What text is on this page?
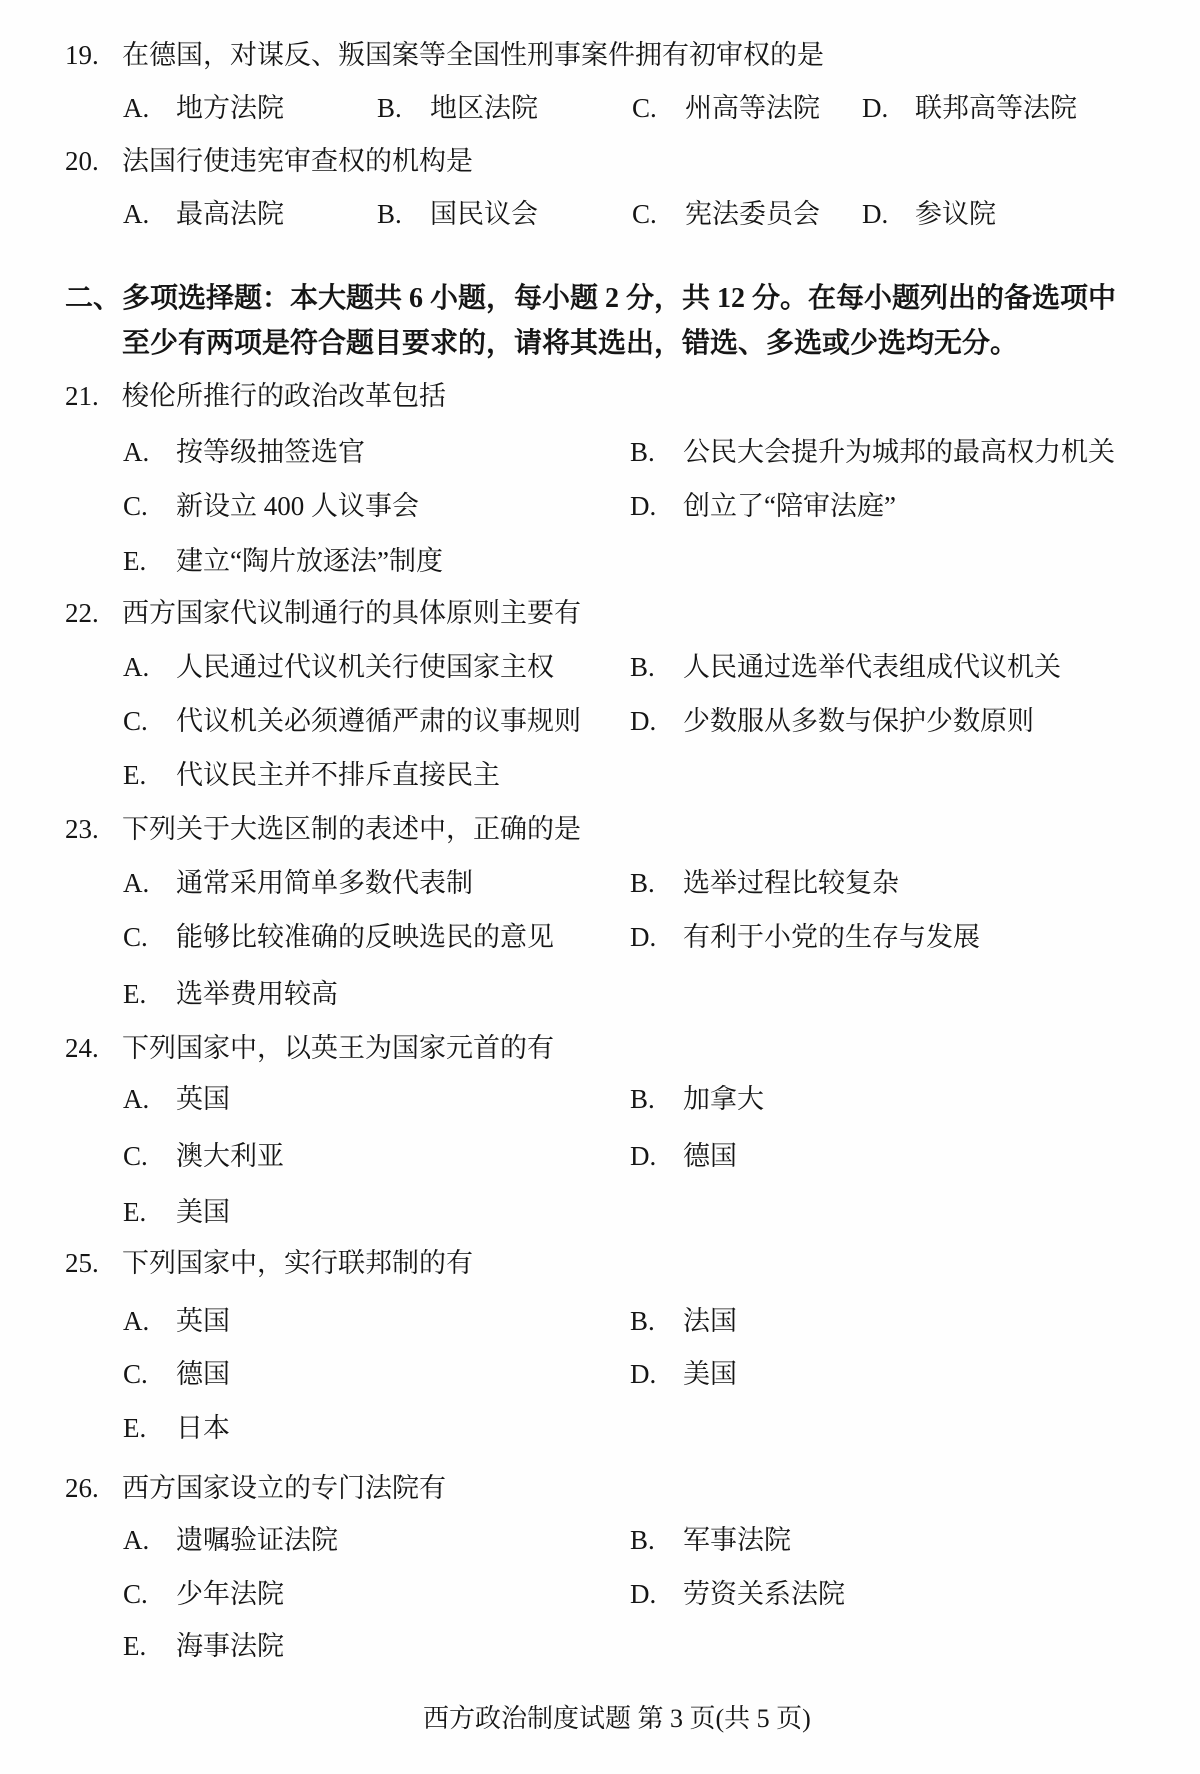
19. 在德国，对谋反、叛国案等全国性刑事案件拥有初审权的是
A. 地方法院	B. 地区法院	C. 州高等法院 D. 联邦高等法院
20. 法国行使违宪审查权的机构是
A. 最高法院	B. 国民议会	C. 宪法委员会 D. 参议院
二、 多项选择题：本大题共 6 小题，每小题 2 分，共 12 分。在每小题列出的备选项中
至少有两项是符合题目要求的，请将其选出，错选、多选或少选均无分。
21. 梭伦所推行的政治改革包括
A. 按等级抽签选官	B. 公民大会提升为城邦的最高权力机关
C. 新设立 400 人议事会	D. 创立了“陪审法庭”
E. 建立“陶片放逐法”制度
22. 西方国家代议制通行的具体原则主要有
A. 人民通过代议机关行使国家主权	B. 人民通过选举代表组成代议机关
C. 代议机关必须遵循严肃的议事规则 D. 少数服从多数与保护少数原则
E. 代议民主并不排斥直接民主
23. 下列关于大选区制的表述中，正确的是
A. 通常采用简单多数代表制	B. 选举过程比较复杂
C. 能够比较准确的反映选民的意见	D. 有利于小党的生存与发展
E. 选举费用较高
24. 下列国家中，以英王为国家元首的有
A. 英国	B. 加拿大
C. 澳大利亚	D. 德国
E. 美国
25. 下列国家中，实行联邦制的有
A. 英国	B. 法国
C. 德国	D. 美国
E. 日本
26. 西方国家设立的专门法院有
A. 遗嘱验证法院	B. 军事法院
C. 少年法院	D. 劳资关系法院
E. 海事法院
西方政治制度试题 第 3 页(共 5 页)
